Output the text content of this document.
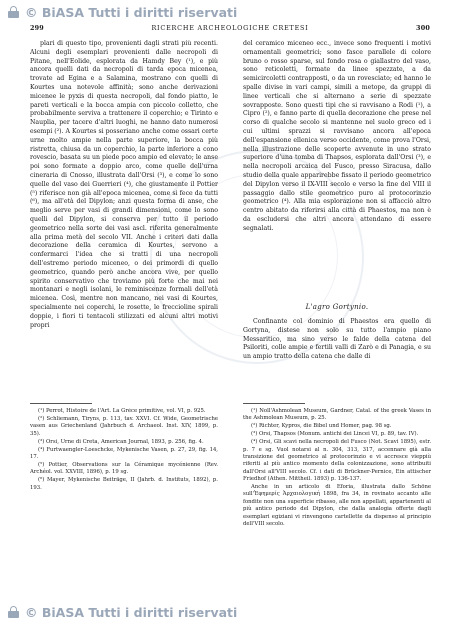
© BiASA Tutti i diritti riservati
299	RICERCHE ARCHEOLOGICHE CRETESI	300

plari di questo tipo, provenienti dagli strati più recenti. Alcuni degli esemplari provenienti dalle necropoli di Pitane, nell'Eolide, esplorata da Hamdy Bey (¹), e più ancora quelli dati da necropoli di tarda epoca micenea, trovate ad Egina e a Salamina, mostrano con quelli di Kourtes una notevole affinità; sono anche derivazioni micenee le pyxis di questa necropoli, dal fondo piatto, le pareti verticali e la bocca ampia con piccolo colletto, che probabilmente serviva a trattenere il coperchio; e Tirinto e Nauplia, per tacere d'altri luoghi, ne hanno dato numerosi esempi (²). A Kourtes si posseriano anche come ossari certe urne molto ampie nella parte superiore, la bocca più ristretta, chiusa da un coperchio, la parte inferiore a cono rovescio, basata su un piede poco ampio ed elevato; le anse poi sono formate a doppio arco, come quelle dell'urna cineraria di Cnosso, illustrata dall'Orsi (³), e come lo sono quelle del vaso dei Guerrieri (⁴), che giustamente il Pottier (⁵) riferisce non già all'epoca micenea, come si fece da tutti (⁶), ma all'età del Dipylon; anzi questa forma di anse, che meglio serve per vasi di grandi dimensioni, come lo sono quelli del Dipylon, si conserva per tutto il periodo geometrico nella sorte dei vasi ascl. riferita generalmente alla prima metà del secolo VII. Anche i criteri dati dalla decorazione della ceramica di Kourtes, servono a confermarci l'idea che si tratti di una necropoli dell'estremo periodo miceneo, o dei primordi di quello geometrico, quando però anche ancora vive, per quello spirito conservativo che troviamo più forte che mai nei montanari e negli isolani, le reminiscenze formali dell'età micenea. Così, mentre non mancano, nei vasi di Kourtes, specialmente nei coperchi, le rosette, le freccioline spirali doppie, i fiori ti tentacoli stilizzati ed alcuni altri motivi propri

del ceramico miceneo ecc., invece sono frequenti i motivi ornamentali geometrici; sono fasce parallele di colore bruno o rosso sparse, sul fondo rosa o giallastro del vaso, sono reticoletti, formate da linee spezzate, a da semicircoletti contrapposti, o da un rovesciato; ed hanno le spalle divise in vari campi, simili a metope, da gruppi di linee verticali che si alternano a serie di spezzate sovrapposte. Sono questi tipi che si ravvisano a Rodi (¹), a Cipro (²), e fanno parte di quella decorazione che prese nel corso di qualche secolo si mantenne nel suolo greco ed i cui ultimi sprazzi si ravvisano ancora all'epoca dell'espansione ellenica verso occidente, come prova l'Orsi, nella illustrazione delle scoperte avvenute in uno strato superiore d'una tomba di Thapsos, esplorata dall'Orsi (³), e nella necropoli arcaica del Fusco, presso Siracusa, dallo studio della quale apparirebbe fissato il periodo geometrico del Dipylon verso il IX-VIII secolo e verso la fine del VIII il passaggio dallo stile geometrico puro al protocorinzio geometrico (⁴). Alla mia esplorazione non si affacciò altro centro abitato da riferirsi alla città di Phaestos, ma non è da escludersi che altri ancora attendano di essere segnalati.

L'agro Gortynio.

Confinante col dominio di Phaestos era quello di Gortyna, distese non solo su tutto l'ampio piano Messaritico, ma sino verso le falde della catena del Psiloriti, colle ampie e fertili valli di Zarò e di Panagia, e su un ampio tratto della catena che dalle di

(¹) Perrot, Histoire de l'Art. La Grèce primitive, vol. VI, p. 925.

(²) Schliemann, Tiryns, p. 113, tav. XXVI. Cf. Wide, Geometrische vasen aus Griechenland (Jahrbuch d. Archaeol. Inst. XIV, 1899, p. 35).

(³) Orsi, Urne di Creta, American Journal, 1893, p. 256, fig. 4.

(⁴) Furtwaengler-Loeschcke, Mykenische Vasen, p. 27, 29, fig. 14, 17.

(⁵) Pottier, Observations sur la Céramique mycénienne (Rev. Archéol. vol. XXVIII, 1896), p. 19 sg.

(⁶) Mayer, Mykenische Beiträge, II (Jahrb. d. Instituts, 1892), p. 193.

(¹) Noll'Ashmolean Museum, Gardner, Catal. of the greek Vases in the Ashmolean Museum, p. 25.

(²) Richter, Kypros, die Bibel und Homer, pag. 98 sg.

(³) Orsi, Thapsos (Monum. antichi dei Lincei VI, p. 89, tav. IV).

(⁴) Orsi, Gli scavi nella necropoli del Fusco (Not. Scavi 1895), estr. p. 7 e sg. Vuol notarsi al n. 304, 313, 317, accennare già alla transizione del geometrico al protocorinzio e vi accresce vieppiù riferiti al più antico momento della colonizzazione, sono attribuiti dall'Orsi all'VIII secolo. Cf. i dati di Brückner-Pernice, Ein attischer Friedhof (Athen. Mittheil. 1893) p. 136-137.

Anche in un articolo di Eforia, illustrata dallo Schöne sull'Ἐφημερίς Ἀρχαιολογική 1898, fra 34, in rovinato accanto alle fondite non una superficie ribasso, alle non appellati, appartenenti al più antico periodo del Dipylon, che dalla analogia offerte dagli esemplari egiziani vi rinvengono cartellette da dispenso al principio dell'VIII secolo.

© BiASA Tutti i diritti riservati
